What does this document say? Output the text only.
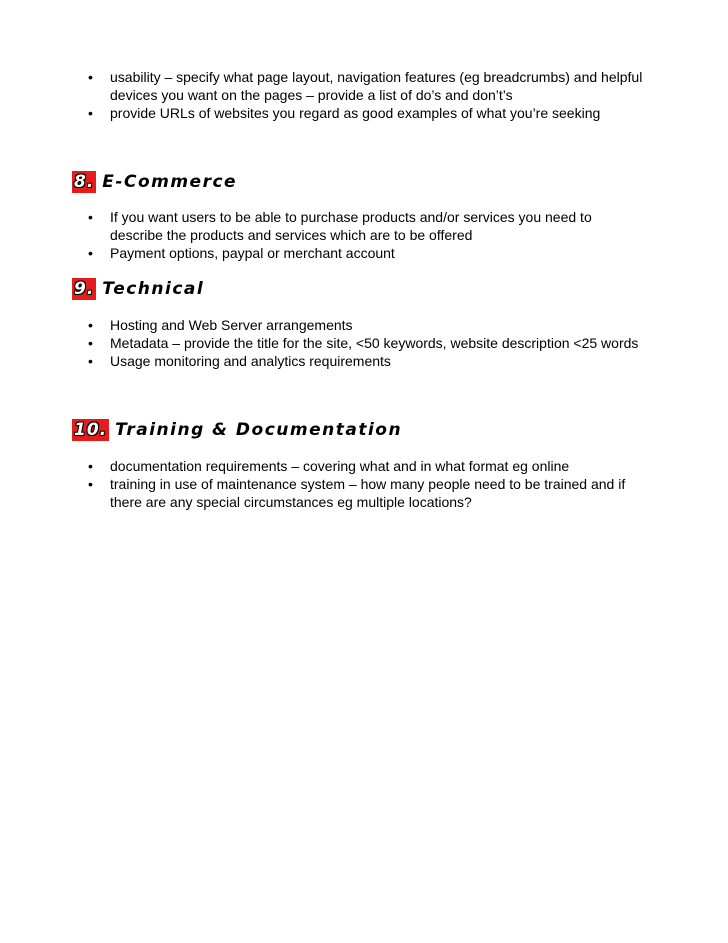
• usability – specify what page layout, navigation features (eg breadcrumbs) and helpful devices you want on the pages – provide a list of do’s and don’t’s
• provide URLs of websites you regard as good examples of what you’re seeking
8. E-Commerce
• If you want users to be able to purchase products and/or services you need to describe the products and services which are to be offered
• Payment options, paypal or merchant account
9. Technical
• Hosting and Web Server arrangements
• Metadata – provide the title for the site, <50 keywords, website description <25 words
• Usage monitoring and analytics requirements
10. Training & Documentation
• documentation requirements – covering what and in what format eg online
• training in use of maintenance system – how many people need to be trained and if there are any special circumstances eg multiple locations?
